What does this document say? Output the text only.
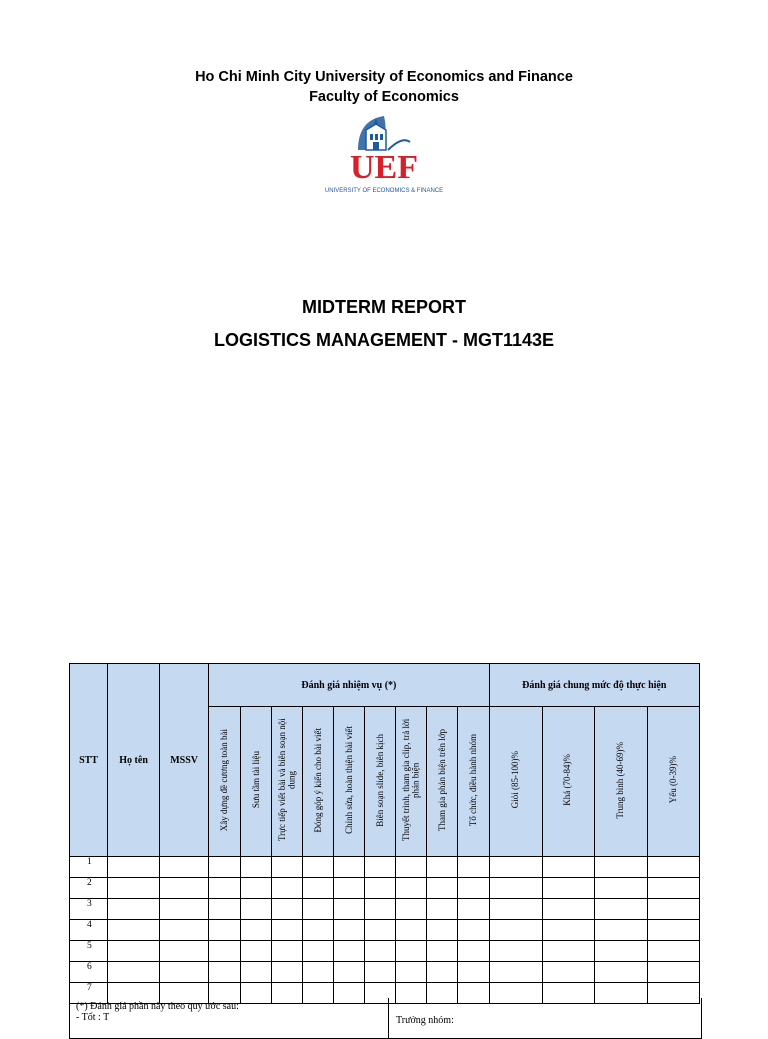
Ho Chi Minh City University of Economics and Finance
Faculty of Economics
UEF
UNIVERSITY OF ECONOMICS & FINANCE
MIDTERM REPORT
LOGISTICS MANAGEMENT - MGT1143E
STT	Họ tên	MSSV	Đánh giá nhiệm vụ (*)									Đánh giá chung mức độ thực hiện			
			Xây dựng đề cương toàn bài	Sưu tầm tài liệu	Trực tiếp viết bài và biên soạn nội dung	Đóng góp ý kiến cho bài viết	Chỉnh sửa, hoàn thiện bài viết	Biên soạn slide, biên kịch	Thuyết trình, tham gia clip, trả lời phản biện	Tham gia phản biện trên lớp	Tổ chức, điều hành nhóm	Giỏi (85-100)%	Khá (70-84)%	Trung bình (40-69)%	Yếu (0-39)%
1															
2															
3															
4															
5															
6															
7															
(*) Đánh giá phần này theo quy ước sau:
- Tốt : T	Trưởng nhóm:
